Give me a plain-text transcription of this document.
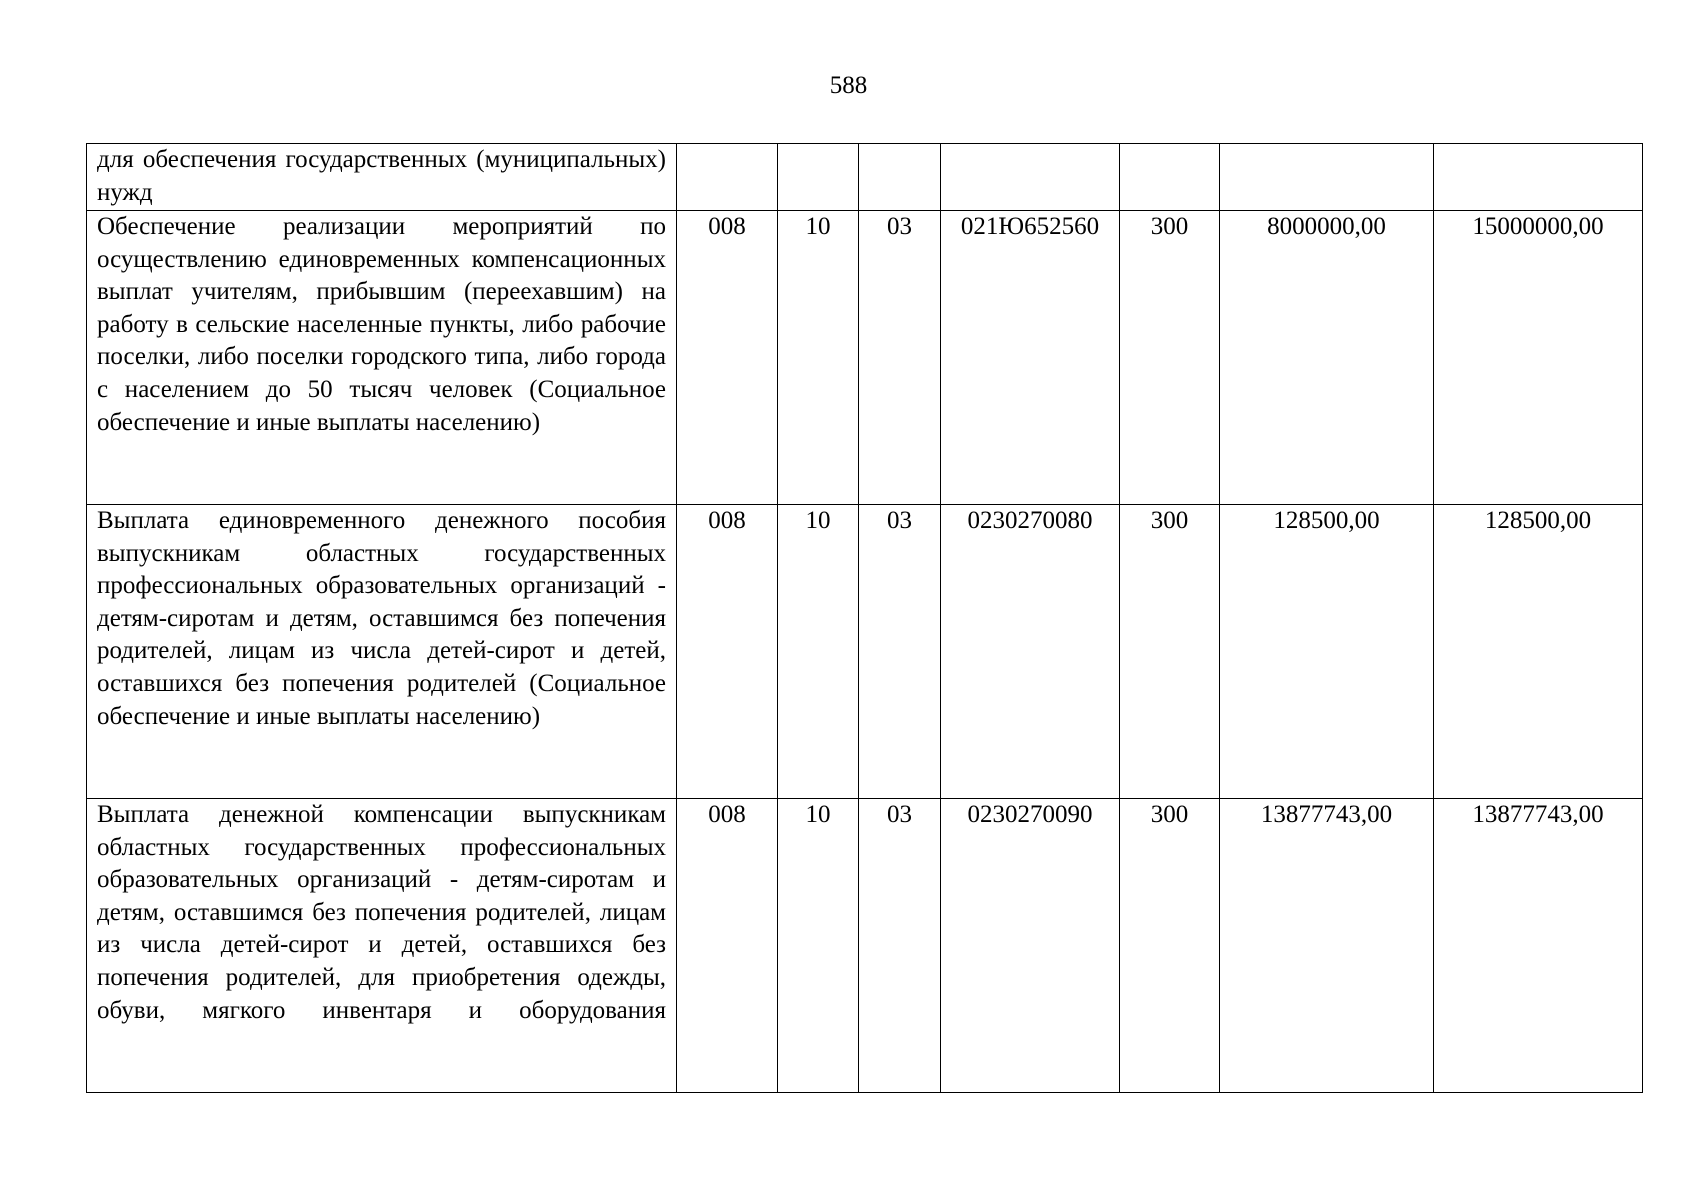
588
для обеспечения государственных (муниципальных) нужд							
Обеспечение реализации мероприятий по осуществлению единовременных компенсационных выплат учителям, прибывшим (переехавшим) на работу в сельские населенные пункты, либо рабочие поселки, либо поселки городского типа, либо города с населением до 50 тысяч человек (Социальное обеспечение и иные выплаты населению)	008	10	03	021Ю652560	300	8000000,00	15000000,00
Выплата единовременного денежного пособия выпускникам областных государственных профессиональных образовательных организаций - детям-сиротам и детям, оставшимся без попечения родителей, лицам из числа детей-сирот и детей, оставшихся без попечения родителей (Социальное обеспечение и иные выплаты населению)	008	10	03	0230270080	300	128500,00	128500,00
Выплата денежной компенсации выпускникам областных государственных профессиональных образовательных организаций - детям-сиротам и детям, оставшимся без попечения родителей, лицам из числа детей-сирот и детей, оставшихся без попечения родителей, для приобретения одежды, обуви, мягкого инвентаря и оборудования	008	10	03	0230270090	300	13877743,00	13877743,00
